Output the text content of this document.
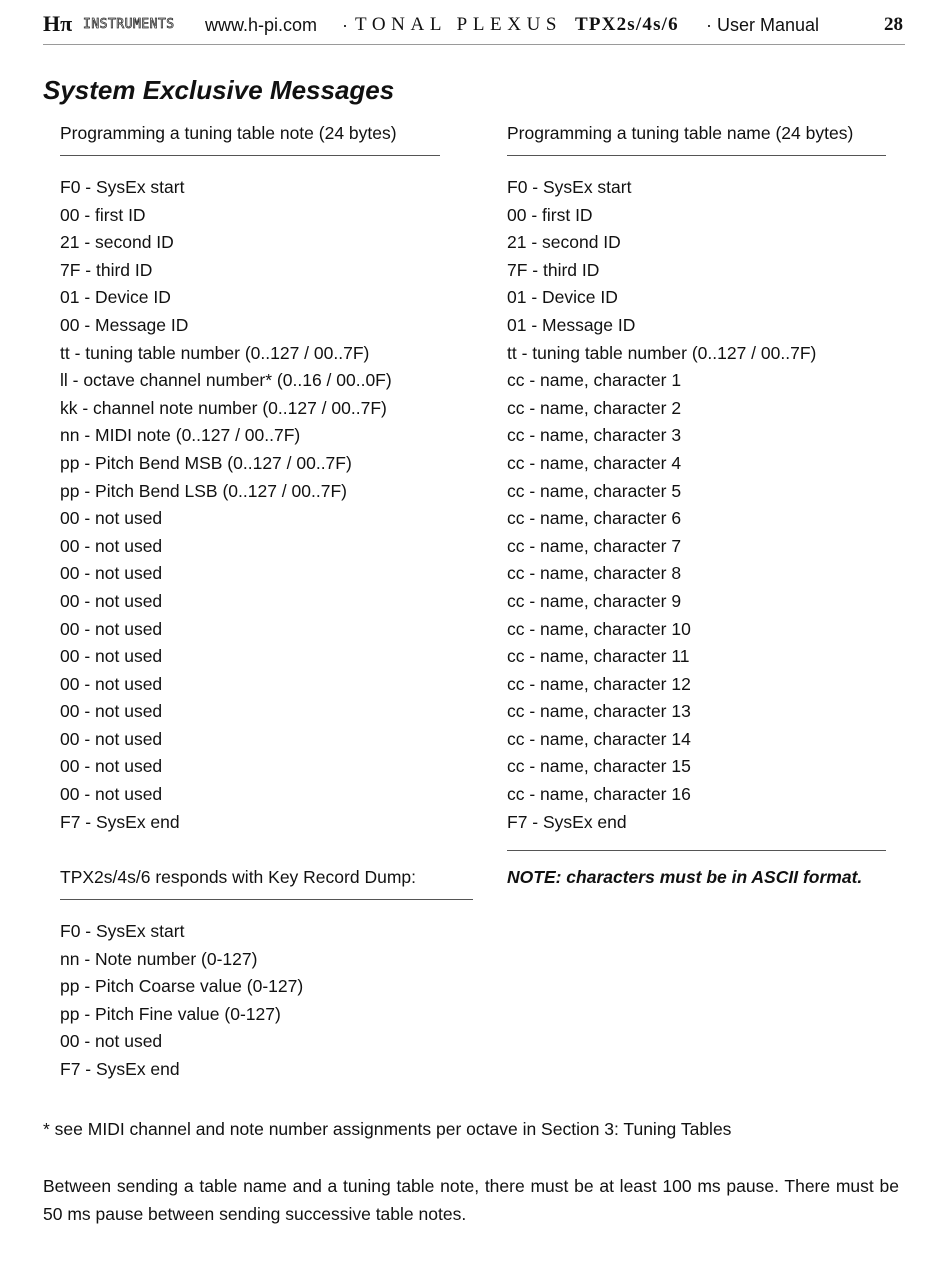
Hπ INSTRUMENTS www.h-pi.com · TONAL PLEXUS TPX2s/4s/6 · User Manual	28
System Exclusive Messages
Programming a tuning table note (24 bytes)
F0 - SysEx start
00 - first ID
21 - second ID
7F - third ID
01 - Device ID
00 - Message ID
tt - tuning table number (0..127 / 00..7F)
ll - octave channel number* (0..16 / 00..0F)
kk - channel note number (0..127 / 00..7F)
nn - MIDI note (0..127 / 00..7F)
pp - Pitch Bend MSB (0..127 / 00..7F)
pp - Pitch Bend LSB (0..127 / 00..7F)
00 - not used
00 - not used
00 - not used
00 - not used
00 - not used
00 - not used
00 - not used
00 - not used
00 - not used
00 - not used
00 - not used
F7 - SysEx end
Programming a tuning table name (24 bytes)
F0 - SysEx start
00 - first ID
21 - second ID
7F - third ID
01 - Device ID
01 - Message ID
tt - tuning table number (0..127 / 00..7F)
cc - name, character 1
cc - name, character 2
cc - name, character 3
cc - name, character 4
cc - name, character 5
cc - name, character 6
cc - name, character 7
cc - name, character 8
cc - name, character 9
cc - name, character 10
cc - name, character 11
cc - name, character 12
cc - name, character 13
cc - name, character 14
cc - name, character 15
cc - name, character 16
F7 - SysEx end
NOTE: characters must be in ASCII format.
TPX2s/4s/6 responds with Key Record Dump:
F0 - SysEx start
nn - Note number (0-127)
pp - Pitch Coarse value (0-127)
pp - Pitch Fine value (0-127)
00 - not used
F7 - SysEx end
* see MIDI channel and note number assignments per octave in Section 3: Tuning Tables
Between sending a table name and a tuning table note, there must be at least 100 ms pause. There must be 50 ms pause between sending successive table notes.
